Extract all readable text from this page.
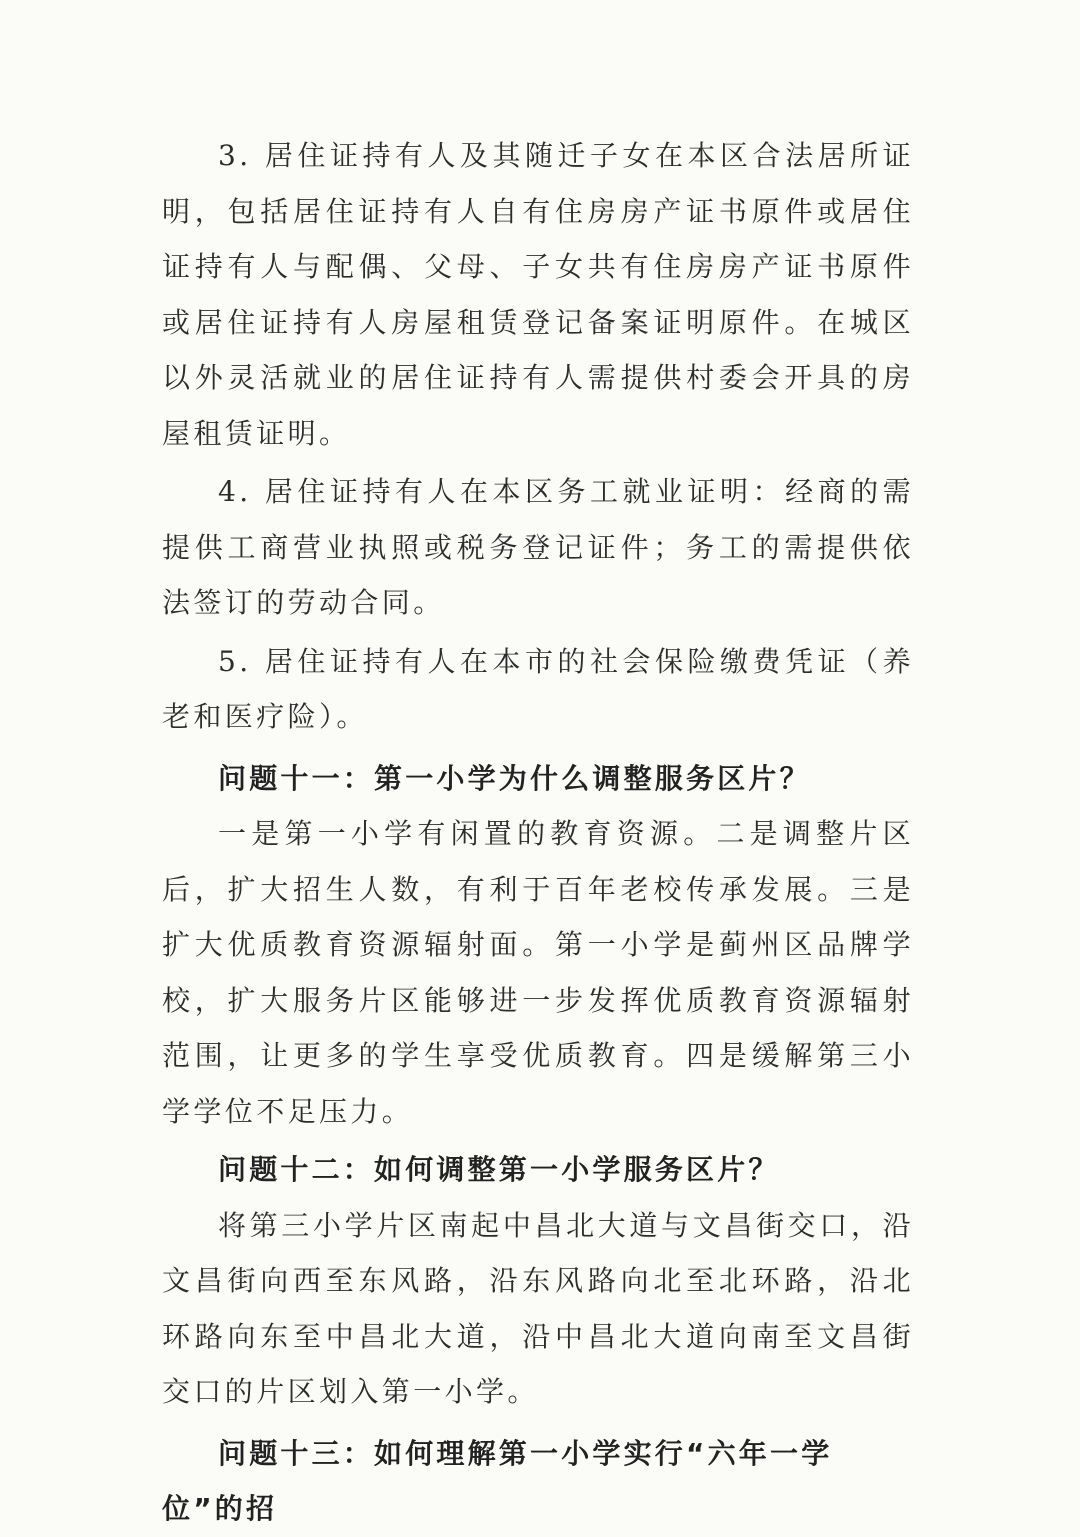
3. 居住证持有人及其随迁子女在本区合法居所证明，包括居住证持有人自有住房房产证书原件或居住证持有人与配偶、父母、子女共有住房房产证书原件或居住证持有人房屋租赁登记备案证明原件。在城区以外灵活就业的居住证持有人需提供村委会开具的房屋租赁证明。

4. 居住证持有人在本区务工就业证明：经商的需提供工商营业执照或税务登记证件；务工的需提供依法签订的劳动合同。

5. 居住证持有人在本市的社会保险缴费凭证（养老和医疗险）。

问题十一：第一小学为什么调整服务区片？

一是第一小学有闲置的教育资源。二是调整片区后，扩大招生人数，有利于百年老校传承发展。三是扩大优质教育资源辐射面。第一小学是蓟州区品牌学校，扩大服务片区能够进一步发挥优质教育资源辐射范围，让更多的学生享受优质教育。四是缓解第三小学学位不足压力。

问题十二：如何调整第一小学服务区片？

将第三小学片区南起中昌北大道与文昌街交口，沿文昌街向西至东风路，沿东风路向北至北环路，沿北环路向东至中昌北大道，沿中昌北大道向南至文昌街交口的片区划入第一小学。

问题十三：如何理解第一小学实行“六年一学位”的招
